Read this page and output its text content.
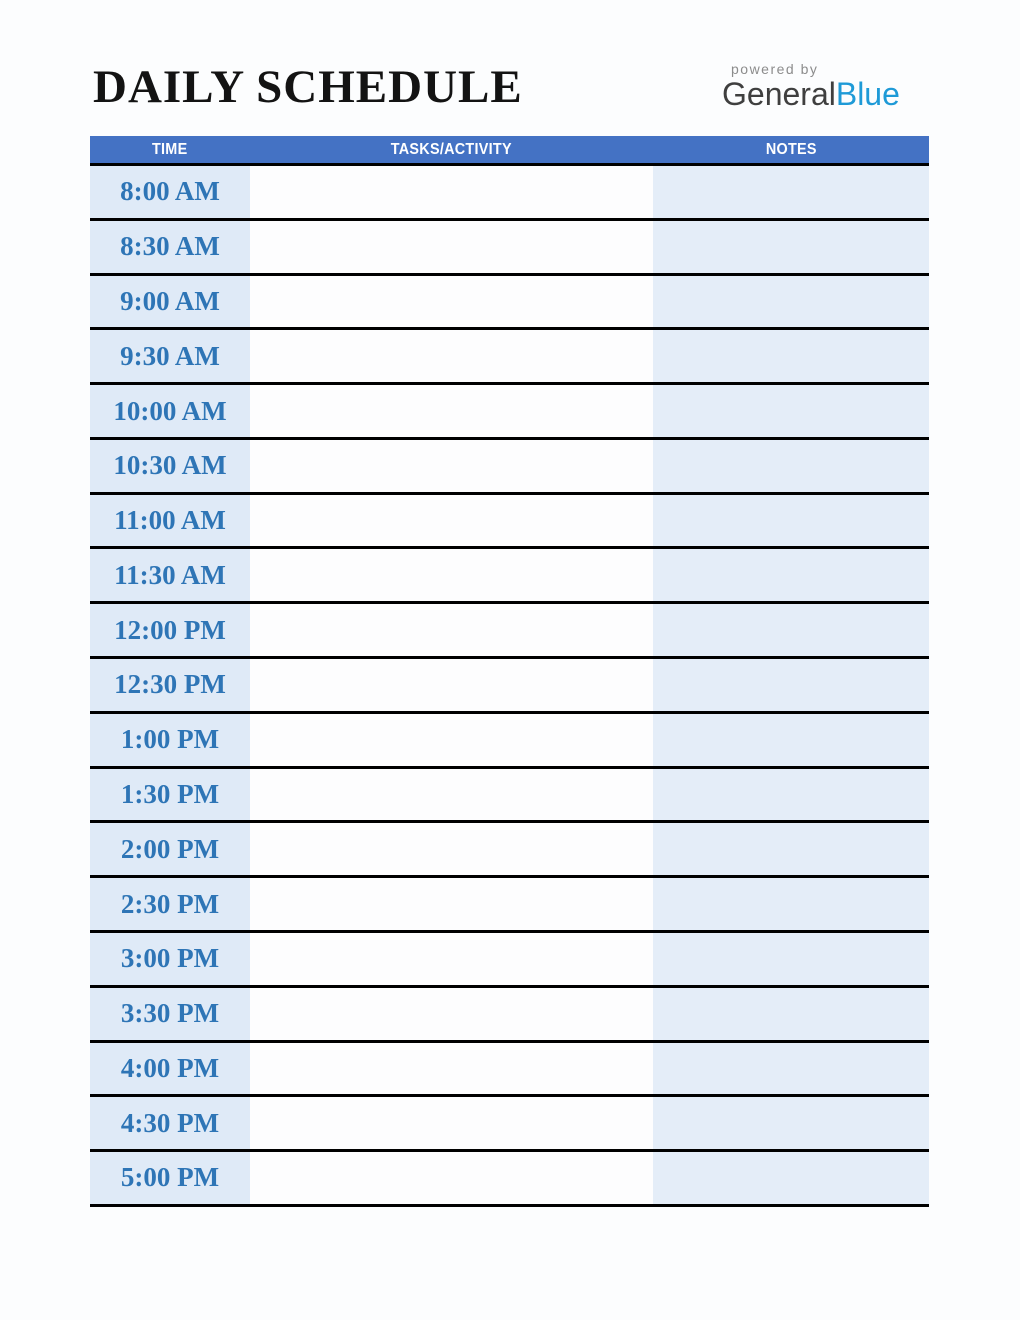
DAILY SCHEDULE	powered by
GeneralBlue
TIME	TASKS/ACTIVITY	NOTES
8:00 AM
8:30 AM
9:00 AM
9:30 AM
10:00 AM
10:30 AM
11:00 AM
11:30 AM
12:00 PM
12:30 PM
1:00 PM
1:30 PM
2:00 PM
2:30 PM
3:00 PM
3:30 PM
4:00 PM
4:30 PM
5:00 PM
